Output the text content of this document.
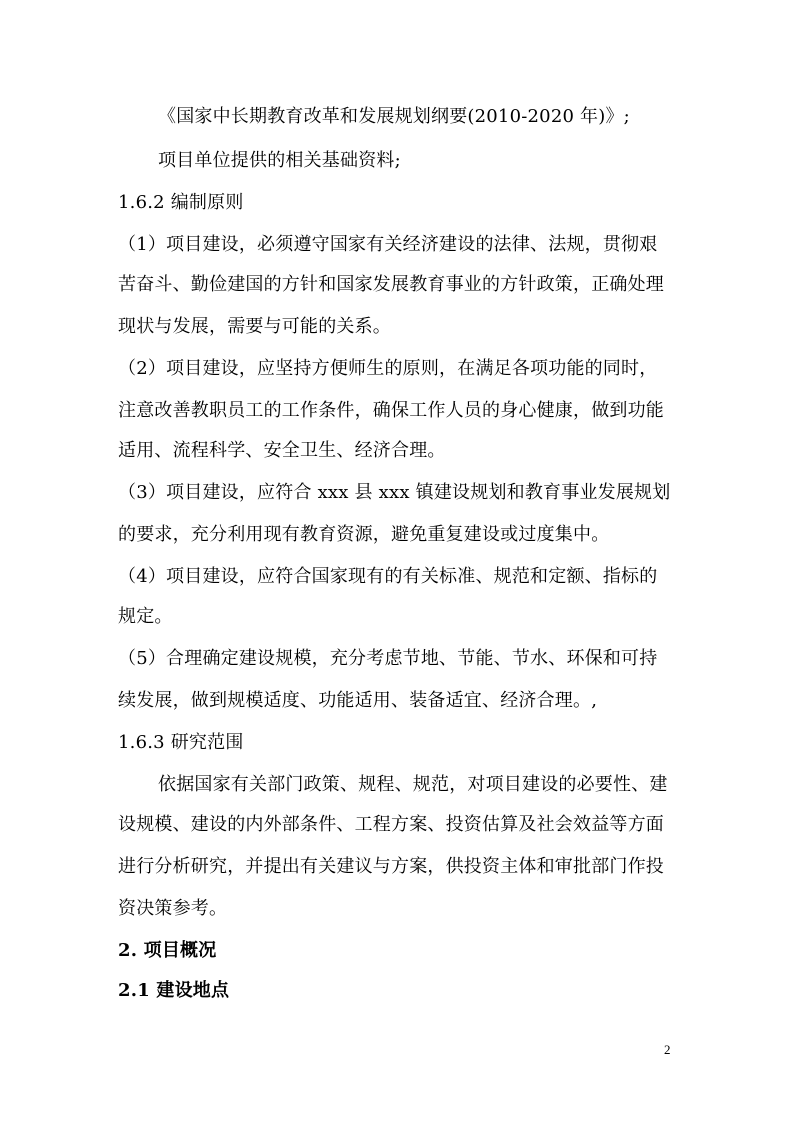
《国家中长期教育改革和发展规划纲要(2010-2020 年)》;
项目单位提供的相关基础资料;
1.6.2 编制原则
（1）项目建设，必须遵守国家有关经济建设的法律、法规，贯彻艰
苦奋斗、勤俭建国的方针和国家发展教育事业的方针政策，正确处理
现状与发展，需要与可能的关系。
（2）项目建设，应坚持方便师生的原则，在满足各项功能的同时，
注意改善教职员工的工作条件，确保工作人员的身心健康，做到功能
适用、流程科学、安全卫生、经济合理。
（3）项目建设，应符合 xxx 县 xxx 镇建设规划和教育事业发展规划
的要求，充分利用现有教育资源，避免重复建设或过度集中。
（4）项目建设，应符合国家现有的有关标准、规范和定额、指标的
规定。
（5）合理确定建设规模，充分考虑节地、节能、节水、环保和可持
续发展，做到规模适度、功能适用、装备适宜、经济合理。,
1.6.3 研究范围
依据国家有关部门政策、规程、规范，对项目建设的必要性、建
设规模、建设的内外部条件、工程方案、投资估算及社会效益等方面
进行分析研究，并提出有关建议与方案，供投资主体和审批部门作投
资决策参考。
2. 项目概况
2.1 建设地点
2
